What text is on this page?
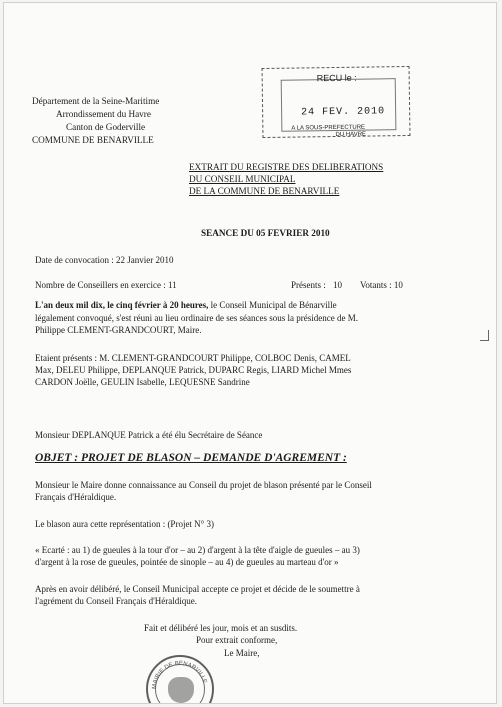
Département de la Seine-Maritime
Arrondissement du Havre
Canton de Goderville
COMMUNE DE BENARVILLE
RECU le :
24 FEV. 2010
A LA SOUS-PREFECTURE
DU HAVRE
EXTRAIT DU REGISTRE DES DELIBERATIONS
DU CONSEIL MUNICIPAL
DE LA COMMUNE DE BENARVILLE
SEANCE DU 05 FEVRIER 2010
Date de convocation : 22 Janvier 2010
Nombre de Conseillers en exercice : 11	Présents : 10 Votants : 10
L'an deux mil dix, le cinq février à 20 heures, le Conseil Municipal de Bénarville
légalement convoqué, s'est réuni au lieu ordinaire de ses séances sous la présidence de M.
Philippe CLEMENT-GRANDCOURT, Maire.
Etaient présents : M. CLEMENT-GRANDCOURT Philippe, COLBOC Denis, CAMEL
Max, DELEU Philippe, DEPLANQUE Patrick, DUPARC Regis, LIARD Michel Mmes
CARDON Joëlle, GEULIN Isabelle, LEQUESNE Sandrine
Monsieur DEPLANQUE Patrick a été élu Secrétaire de Séance
OBJET : PROJET DE BLASON – DEMANDE D'AGREMENT :
Monsieur le Maire donne connaissance au Conseil du projet de blason présenté par le Conseil
Français d'Héraldique.
Le blason aura cette représentation : (Projet N° 3)
« Ecarté : au 1) de gueules à la tour d'or – au 2) d'argent à la tête d'aigle de gueules – au 3)
d'argent à la rose de gueules, pointée de sinople – au 4) de gueules au marteau d'or »
Après en avoir délibéré, le Conseil Municipal accepte ce projet et décide de le soumettre à
l'agrément du Conseil Français d'Héraldique.
Fait et délibéré les jour, mois et an susdits.
Pour extrait conforme,
Le Maire,
MAIRIE DE BENARVILLE
